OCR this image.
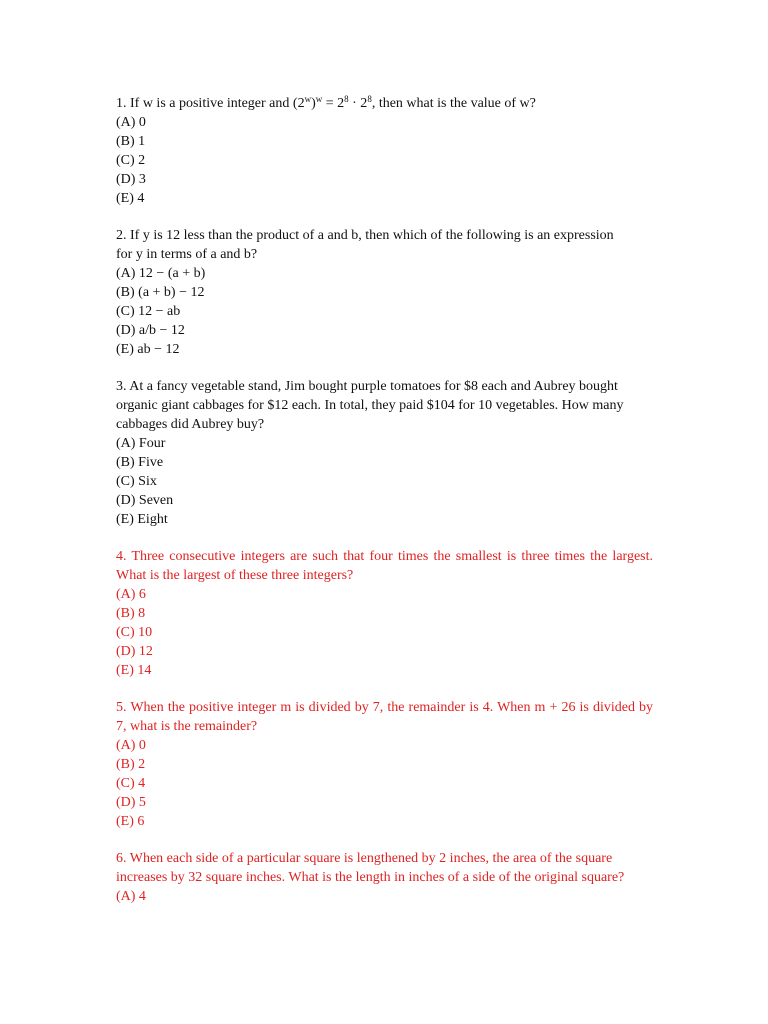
1. If w is a positive integer and $(2^w)^w = 2^8 \cdot 2^8$, then what is the value of w?

(A) 0

(B) 1

(C) 2

(D) 3

(E) 4

2. If y is 12 less than the product of a and b, then which of the following is an expression for y in terms of a and b?

(A) 12 − (a + b)

(B) (a + b) − 12

(C) 12 − ab

(D) a/b − 12

(E) ab − 12

3. At a fancy vegetable stand, Jim bought purple tomatoes for $8 each and Aubrey bought organic giant cabbages for $12 each. In total, they paid $104 for 10 vegetables. How many cabbages did Aubrey buy?

(A) Four

(B) Five

(C) Six

(D) Seven

(E) Eight

4. Three consecutive integers are such that four times the smallest is three times the largest. What is the largest of these three integers?

(A) 6

(B) 8

(C) 10

(D) 12

(E) 14

5. When the positive integer m is divided by 7, the remainder is 4. When m + 26 is divided by 7, what is the remainder?

(A) 0

(B) 2

(C) 4

(D) 5

(E) 6

6. When each side of a particular square is lengthened by 2 inches, the area of the square increases by 32 square inches. What is the length in inches of a side of the original square?

(A) 4
